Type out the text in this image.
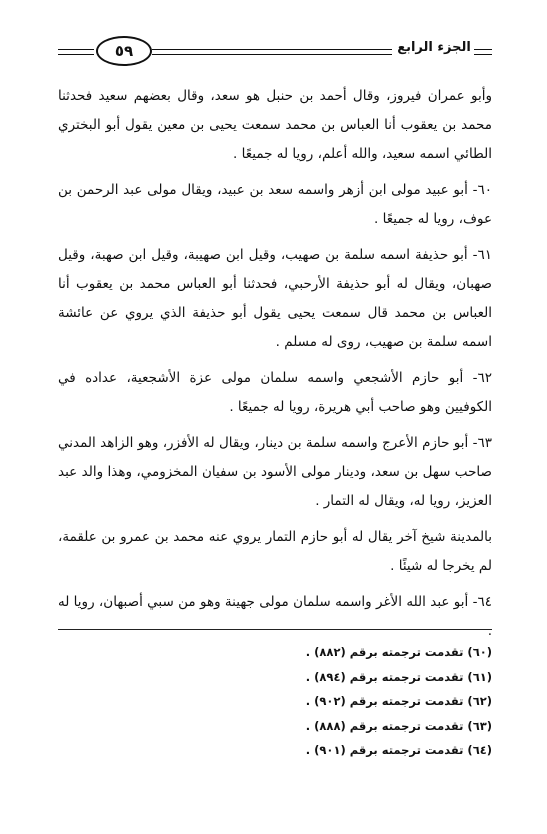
٥٩	الجزء الرابع

وأبو عمران فيروز، وقال أحمد بن حنبل هو سعد، وقال بعضهم سعيد فحدثنا محمد بن يعقوب أنا العباس بن محمد سمعت يحيى بن معين يقول أبو البختري الطائي اسمه سعيد، والله أعلم، رويا له جميعًا .

٦٠- أبو عبيد مولى ابن أزهر واسمه سعد بن عبيد، ويقال مولى عبد الرحمن بن عوف، رويا له جميعًا .

٦١- أبو حذيفة اسمه سلمة بن صهيب، وقيل ابن صهيبة، وقيل ابن صهبة، وقيل صهبان، ويقال له أبو حذيفة الأرحبي، فحدثنا أبو العباس محمد بن يعقوب أنا العباس بن محمد قال سمعت يحيى يقول أبو حذيفة الذي يروي عن عائشة اسمه سلمة بن صهيب، روى له مسلم .

٦٢- أبو حازم الأشجعي واسمه سلمان مولى عزة الأشجعية، عداده في الكوفيين وهو صاحب أبي هريرة، رويا له جميعًا .

٦٣- أبو حازم الأعرج واسمه سلمة بن دينار، ويقال له الأفزر، وهو الزاهد المدني صاحب سهل بن سعد، ودينار مولى الأسود بن سفيان المخزومي، وهذا والد عبد العزيز، رويا له، ويقال له التمار .

بالمدينة شيخ آخر يقال له أبو حازم التمار يروي عنه محمد بن عمرو بن علقمة، لم يخرجا له شيئًا .

٦٤- أبو عبد الله الأغر واسمه سلمان مولى جهينة وهو من سبي أصبهان، رويا له .

(٦٠) تقدمت ترجمته برقم (٨٨٢) .

(٦١) تقدمت ترجمته برقم (٨٩٤) .

(٦٢) تقدمت ترجمته برقم (٩٠٢) .

(٦٣) تقدمت ترجمته برقم (٨٨٨) .

(٦٤) تقدمت ترجمته برقم (٩٠١) .
